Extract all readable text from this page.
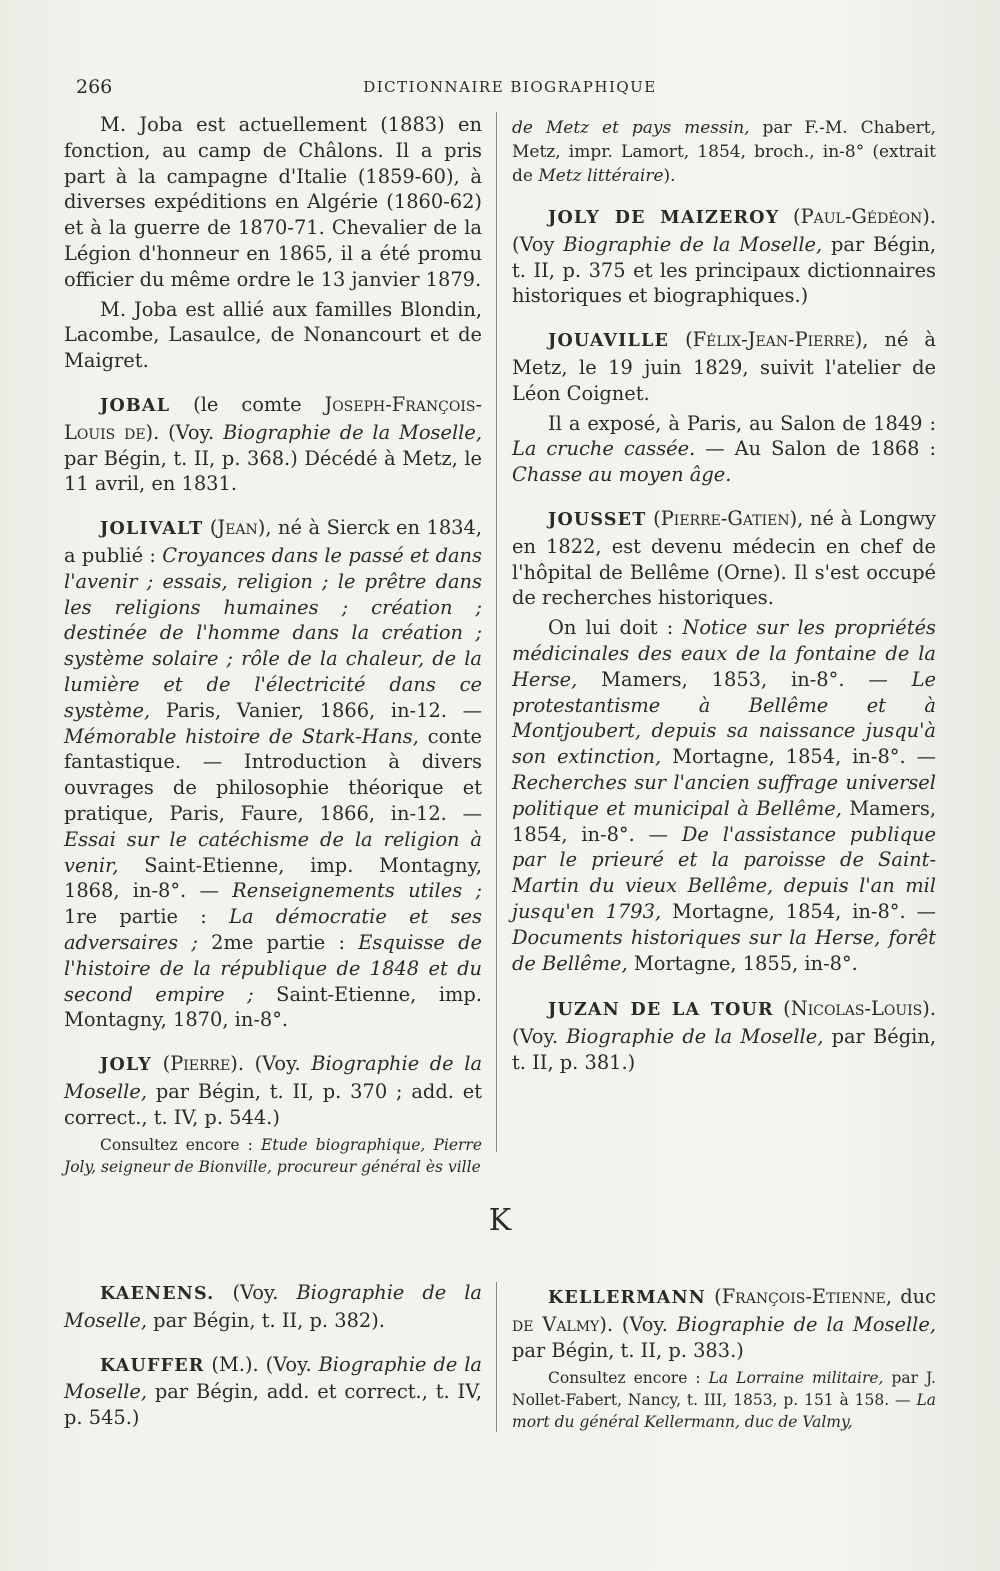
266	DICTIONNAIRE BIOGRAPHIQUE

M. Joba est actuellement (1883) en fonction, au camp de Châlons. Il a pris part à la campagne d'Italie (1859-60), à diverses expéditions en Algérie (1860-62) et à la guerre de 1870-71. Chevalier de la Légion d'honneur en 1865, il a été promu officier du même ordre le 13 janvier 1879.

M. Joba est allié aux familles Blondin, Lacombe, Lasaulce, de Nonancourt et de Maigret.

JOBAL (le comte Joseph-François-Louis de). (Voy. Biographie de la Moselle, par Bégin, t. II, p. 368.) Décédé à Metz, le 11 avril, en 1831.

JOLIVALT (Jean), né à Sierck en 1834, a publié : Croyances dans le passé et dans l'avenir ; essais, religion ; le prêtre dans les religions humaines ; création ; destinée de l'homme dans la création ; système solaire ; rôle de la chaleur, de la lumière et de l'électricité dans ce système, Paris, Vanier, 1866, in-12. — Mémorable histoire de Stark-Hans, conte fantastique. — Introduction à divers ouvrages de philosophie théorique et pratique, Paris, Faure, 1866, in-12. — Essai sur le catéchisme de la religion à venir, Saint-Etienne, imp. Montagny, 1868, in-8°. — Renseignements utiles ; 1re partie : La démocratie et ses adversaires ; 2me partie : Esquisse de l'histoire de la république de 1848 et du second empire ; Saint-Etienne, imp. Montagny, 1870, in-8°.

JOLY (Pierre). (Voy. Biographie de la Moselle, par Bégin, t. II, p. 370 ; add. et correct., t. IV, p. 544.)

Consultez encore : Etude biographique, Pierre Joly, seigneur de Bionville, procureur général ès ville

de Metz et pays messin, par F.-M. Chabert, Metz, impr. Lamort, 1854, broch., in-8° (extrait de Metz littéraire).

JOLY DE MAIZEROY (Paul-Gédéon). (Voy Biographie de la Moselle, par Bégin, t. II, p. 375 et les principaux dictionnaires historiques et biographiques.)

JOUAVILLE (Félix-Jean-Pierre), né à Metz, le 19 juin 1829, suivit l'atelier de Léon Coignet.

Il a exposé, à Paris, au Salon de 1849 : La cruche cassée. — Au Salon de 1868 : Chasse au moyen âge.

JOUSSET (Pierre-Gatien), né à Longwy en 1822, est devenu médecin en chef de l'hôpital de Bellême (Orne). Il s'est occupé de recherches historiques.

On lui doit : Notice sur les propriétés médicinales des eaux de la fontaine de la Herse, Mamers, 1853, in-8°. — Le protestantisme à Bellême et à Montjoubert, depuis sa naissance jusqu'à son extinction, Mortagne, 1854, in-8°. — Recherches sur l'ancien suffrage universel politique et municipal à Bellême, Mamers, 1854, in-8°. — De l'assistance publique par le prieuré et la paroisse de Saint-Martin du vieux Bellême, depuis l'an mil jusqu'en 1793, Mortagne, 1854, in-8°. — Documents historiques sur la Herse, forêt de Bellême, Mortagne, 1855, in-8°.

JUZAN DE LA TOUR (Nicolas-Louis). (Voy. Biographie de la Moselle, par Bégin, t. II, p. 381.)

K

KAENENS. (Voy. Biographie de la Moselle, par Bégin, t. II, p. 382).

KAUFFER (M.). (Voy. Biographie de la Moselle, par Bégin, add. et correct., t. IV, p. 545.)

KELLERMANN (François-Etienne, duc de Valmy). (Voy. Biographie de la Moselle, par Bégin, t. II, p. 383.)

Consultez encore : La Lorraine militaire, par J. Nollet-Fabert, Nancy, t. III, 1853, p. 151 à 158. — La mort du général Kellermann, duc de Valmy,
